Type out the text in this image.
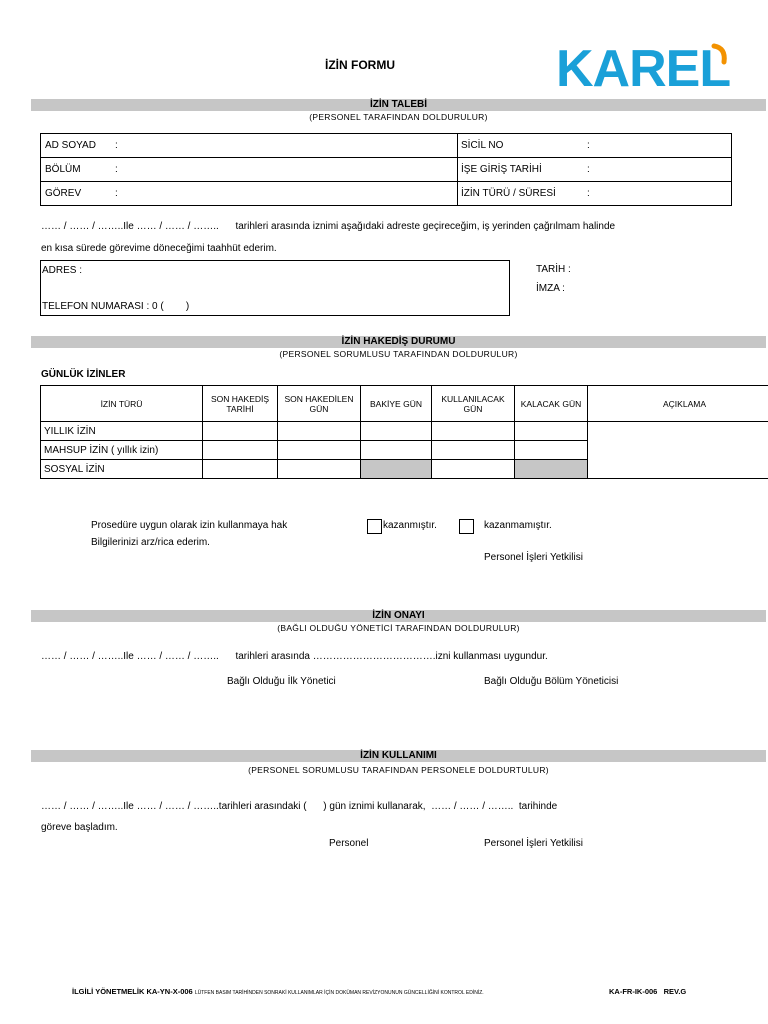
İZİN FORMU	KAREL
İZİN TALEBİ
(PERSONEL TARAFINDAN DOLDURULUR)
AD SOYAD :	SİCİL NO :
BÖLÜM :	İŞE GİRİŞ TARİHİ :
GÖREV :	İZİN TÜRÜ / SÜRESİ :
…… / …… / ……..Ile …… / …… / ……..      tarihleri arasında iznimi aşağıdaki adreste geçireceğim, iş yerinden çağrılmam halinde
en kısa sürede görevime döneceğimi taahhüt ederim.
ADRES :
TELEFON NUMARASI : 0 (        )
TARİH :
İMZA :
İZİN HAKEDİŞ DURUMU
(PERSONEL SORUMLUSU TARAFINDAN DOLDURULUR)
GÜNLÜK İZİNLER
İZİN TÜRÜ	SON HAKEDİŞ TARİHİ	SON HAKEDİLEN GÜN	BAKİYE GÜN	KULLANILACAK GÜN	KALACAK GÜN	AÇIKLAMA
YILLIK İZİN						
MAHSUP İZİN ( yıllık izin)						
SOSYAL İZİN						
Prosedüre uygun olarak izin kullanmaya hak	kazanmıştır.	kazanmamıştır.
Bilgilerinizi arz/rica ederim.
Personel İşleri Yetkilisi
İZİN ONAYI
(BAĞLI OLDUĞU YÖNETİCİ TARAFINDAN DOLDURULUR)
…… / …… / ……..Ile …… / …… / ……..      tarihleri arasında ……………………………….izni kullanması uygundur.
Bağlı Olduğu İlk Yönetici	Bağlı Olduğu Bölüm Yöneticisi
İZİN KULLANIMI
(PERSONEL SORUMLUSU TARAFINDAN PERSONELE DOLDURTULUR)
…… / …… / ……..Ile …… / …… / ……..tarihleri arasındaki (      ) gün iznimi kullanarak,  …… / …… / ……..  tarihinde
göreve başladım.
Personel	Personel İşleri Yetkilisi
İLGİLİ YÖNETMELİK KA-YN-X-006 LÜTFEN BASIM TARİHİNDEN SONRAKİ KULLANIMLAR İÇİN DOKÜMAN REVİZYONUNUN GÜNCELLİĞİNİ KONTROL EDİNİZ.	KA-FR-IK-006   REV.G
